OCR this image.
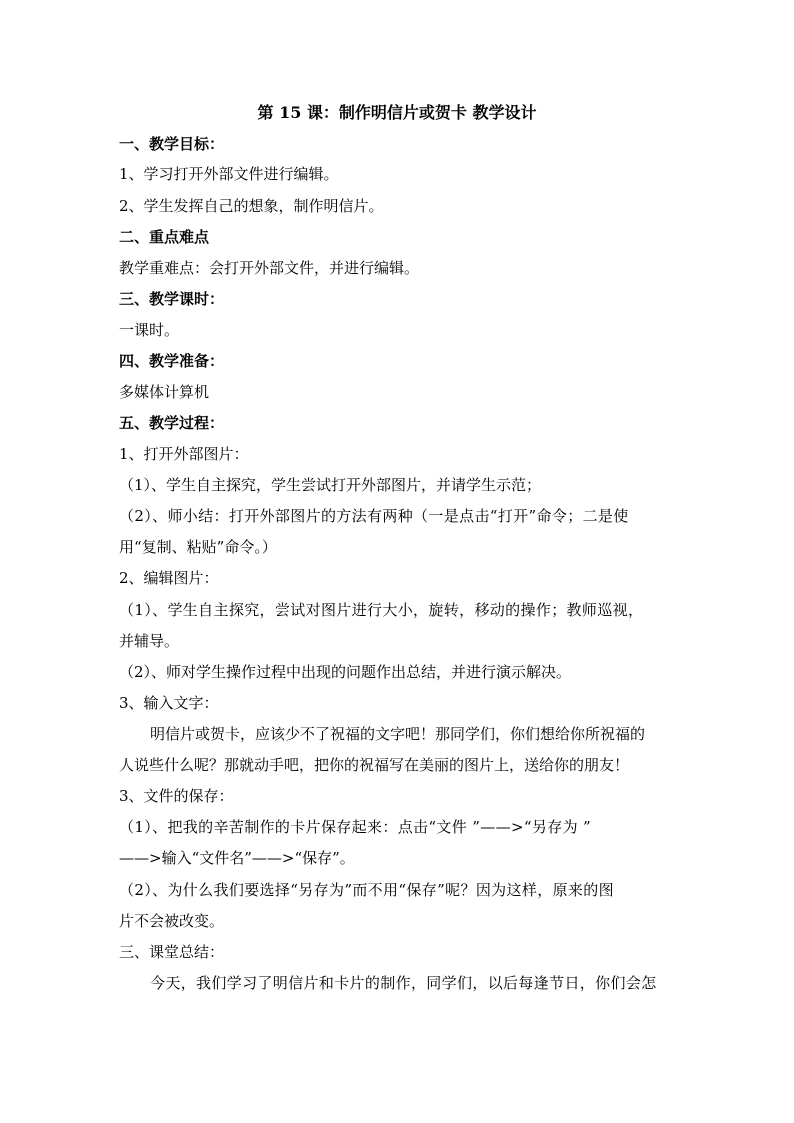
第 15 课：制作明信片或贺卡 教学设计
一、教学目标：
1、学习打开外部文件进行编辑。
2、学生发挥自己的想象，制作明信片。
二、重点难点
教学重难点：会打开外部文件，并进行编辑。
三、教学课时：
一课时。
四、教学准备：
多媒体计算机
五、教学过程：
1、打开外部图片：
（1）、学生自主探究，学生尝试打开外部图片，并请学生示范；
（2）、师小结：打开外部图片的方法有两种（一是点击“打开”命令；二是使
用“复制、粘贴”命令。）
2、编辑图片：
（1）、学生自主探究，尝试对图片进行大小，旋转，移动的操作；教师巡视，
并辅导。
（2）、师对学生操作过程中出现的问题作出总结，并进行演示解决。
3、输入文字：
明信片或贺卡，应该少不了祝福的文字吧！那同学们，你们想给你所祝福的
人说些什么呢？那就动手吧，把你的祝福写在美丽的图片上，送给你的朋友！
3、文件的保存：
（1）、把我的辛苦制作的卡片保存起来：点击“文件 ”——>“另存为 ”
——>输入“文件名”——>“保存”。
（2）、为什么我们要选择“另存为”而不用“保存”呢？因为这样，原来的图
片不会被改变。
三、课堂总结：
今天，我们学习了明信片和卡片的制作，同学们，以后每逢节日，你们会怎
